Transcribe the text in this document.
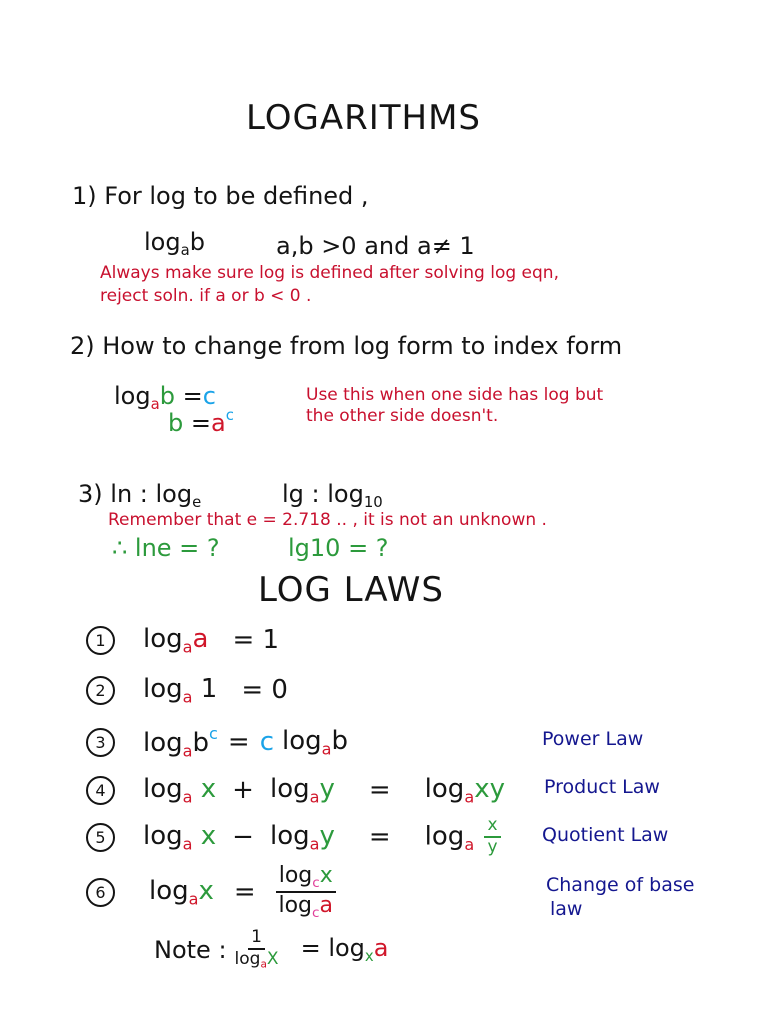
LOGARITHMS
1) For log to be defined ,
$\log_ab$	a,b >0 and a≠ 1
Always make sure log is defined after solving log eqn,
reject soln. if a or b < 0 .
2) How to change from log form to index form
$\log_ab =c$
$b =a^c$
Use this when one side has log but
the other side doesn't.
3) ln : $\log_e$	lg : $\log_{10}$
Remember that e = 2.718 .. , it is not an unknown .
∴ lne = ?	lg10 = ?
LOG LAWS
1	$\log_aa = 1$
2	$\log_a 1 = 0$
3	$\log_ab^c = c$ $\log_ab$	Power Law
4	$\log_a x + \log_ay = \log_axy$ Product Law
5	$\log_a x - \log_ay = \log_a \frac{x}{y}$ Quotient Law
6	$\log_ax = \frac{\log_cx}{\log_ca}$	Change of base
law
Note : $\frac{1}{\log_aX} = \log_xa$
